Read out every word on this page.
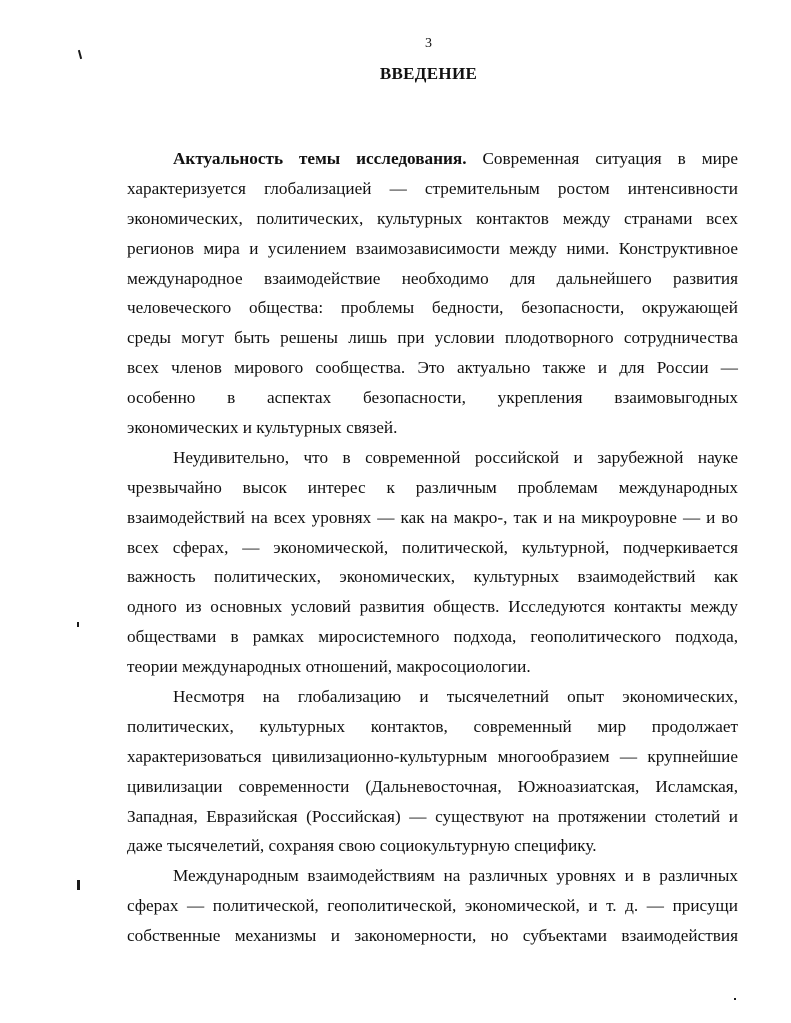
3
ВВЕДЕНИЕ
Актуальность темы исследования. Современная ситуация в мире
характеризуется глобализацией — стремительным ростом интенсивности
экономических, политических, культурных контактов между странами всех
регионов мира и усилением взаимозависимости между ними. Конструктивное
международное взаимодействие необходимо для дальнейшего развития
человеческого общества: проблемы бедности, безопасности, окружающей
среды могут быть решены лишь при условии плодотворного сотрудничества
всех членов мирового сообщества. Это актуально также и для России —
особенно в аспектах безопасности, укрепления взаимовыгодных
экономических и культурных связей.
Неудивительно, что в современной российской и зарубежной науке
чрезвычайно высок интерес к различным проблемам международных
взаимодействий на всех уровнях — как на макро-, так и на микроуровне — и во
всех сферах, — экономической, политической, культурной, подчеркивается
важность политических, экономических, культурных взаимодействий как
одного из основных условий развития обществ. Исследуются контакты между
обществами в рамках миросистемного подхода, геополитического подхода,
теории международных отношений, макросоциологии.
Несмотря на глобализацию и тысячелетний опыт экономических,
политических, культурных контактов, современный мир продолжает
характеризоваться цивилизационно-культурным многообразием — крупнейшие
цивилизации современности (Дальневосточная, Южноазиатская, Исламская,
Западная, Евразийская (Российская) — существуют на протяжении столетий и
даже тысячелетий, сохраняя свою социокультурную специфику.
Международным взаимодействиям на различных уровнях и в различных
сферах — политической, геополитической, экономической, и т. д. — присущи
собственные механизмы и закономерности, но субъектами взаимодействия
